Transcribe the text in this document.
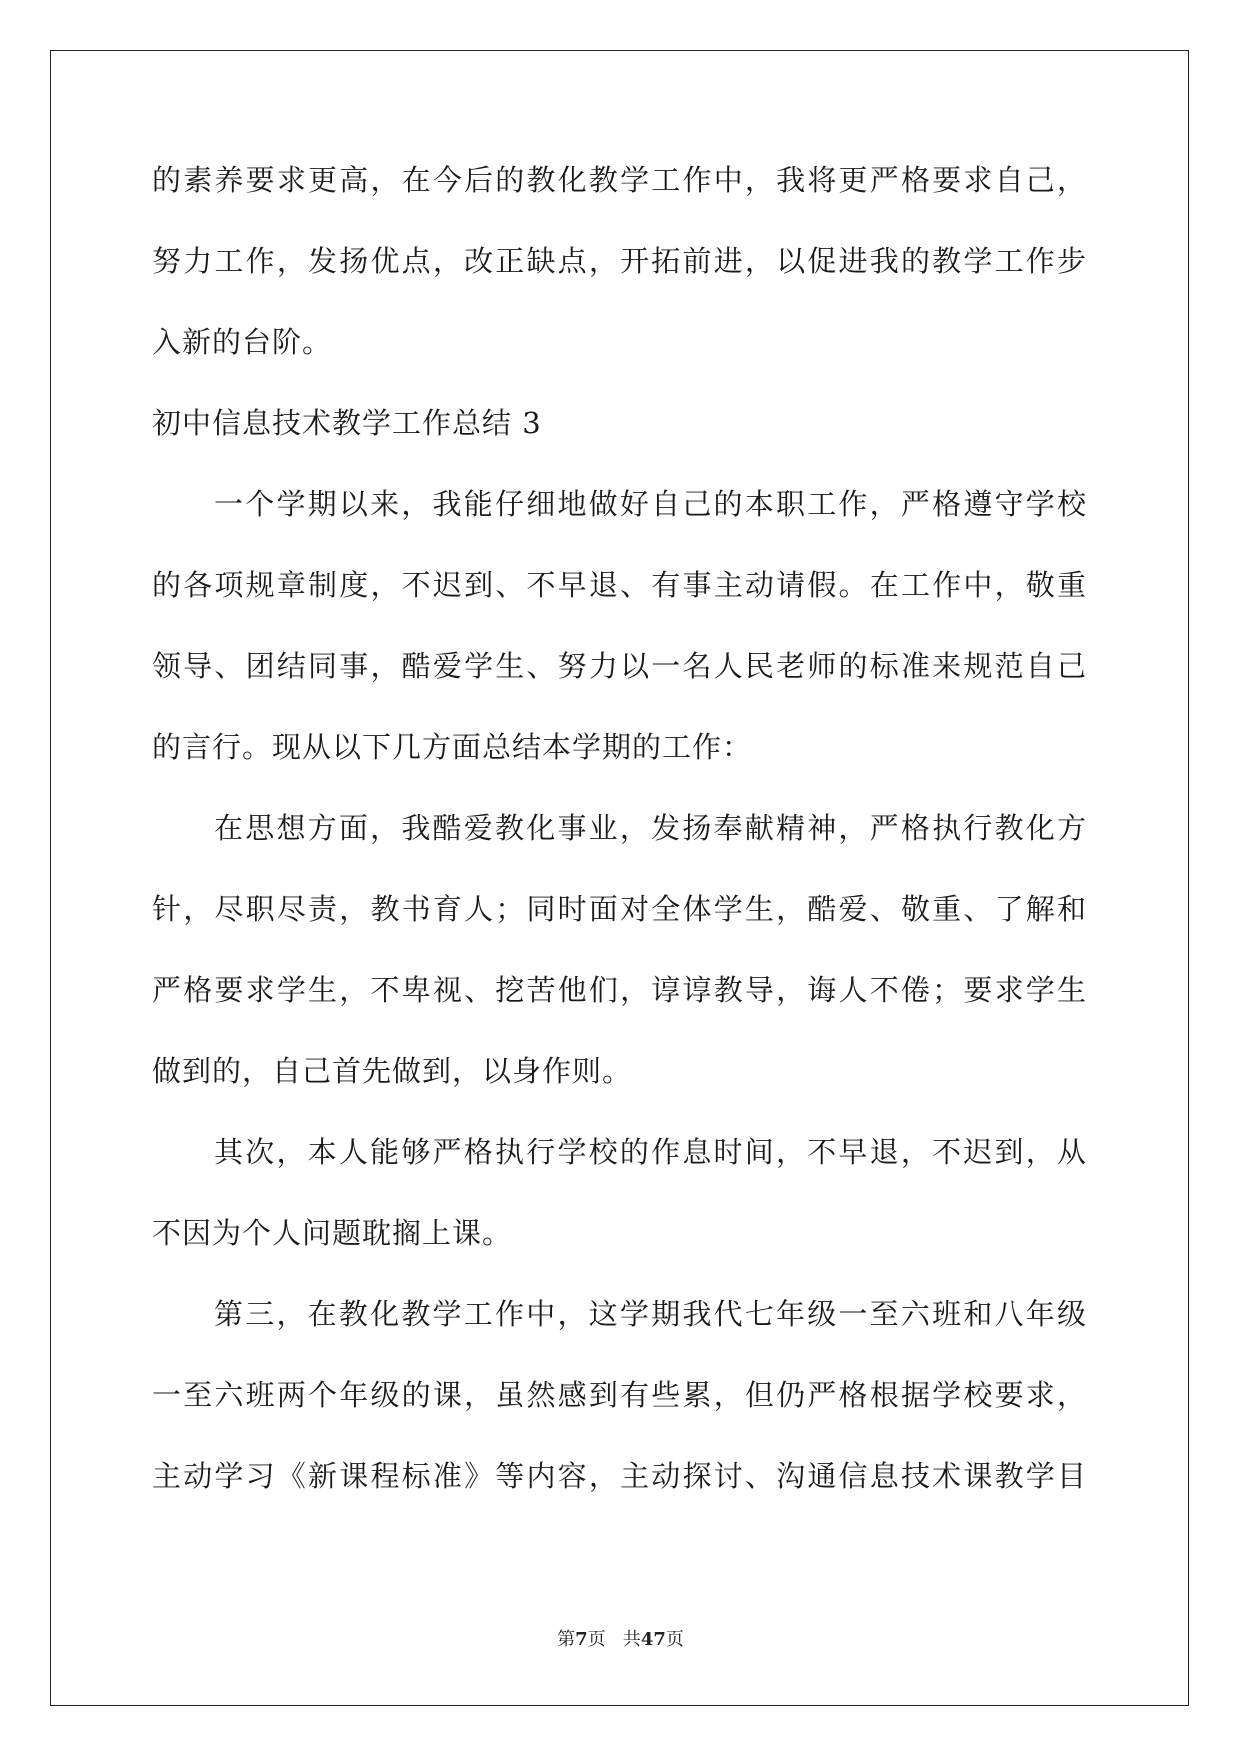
的素养要求更高，在今后的教化教学工作中，我将更严格要求自己，
努力工作，发扬优点，改正缺点，开拓前进，以促进我的教学工作步
入新的台阶。
初中信息技术教学工作总结 3
一个学期以来，我能仔细地做好自己的本职工作，严格遵守学校
的各项规章制度，不迟到、不早退、有事主动请假。在工作中，敬重
领导、团结同事，酷爱学生、努力以一名人民老师的标准来规范自己
的言行。现从以下几方面总结本学期的工作：
在思想方面，我酷爱教化事业，发扬奉献精神，严格执行教化方
针，尽职尽责，教书育人；同时面对全体学生，酷爱、敬重、了解和
严格要求学生，不卑视、挖苦他们，谆谆教导，诲人不倦；要求学生
做到的，自己首先做到，以身作则。
其次，本人能够严格执行学校的作息时间，不早退，不迟到，从
不因为个人问题耽搁上课。
第三，在教化教学工作中，这学期我代七年级一至六班和八年级
一至六班两个年级的课，虽然感到有些累，但仍严格根据学校要求，
主动学习《新课程标准》等内容，主动探讨、沟通信息技术课教学目
第7页 共47页
